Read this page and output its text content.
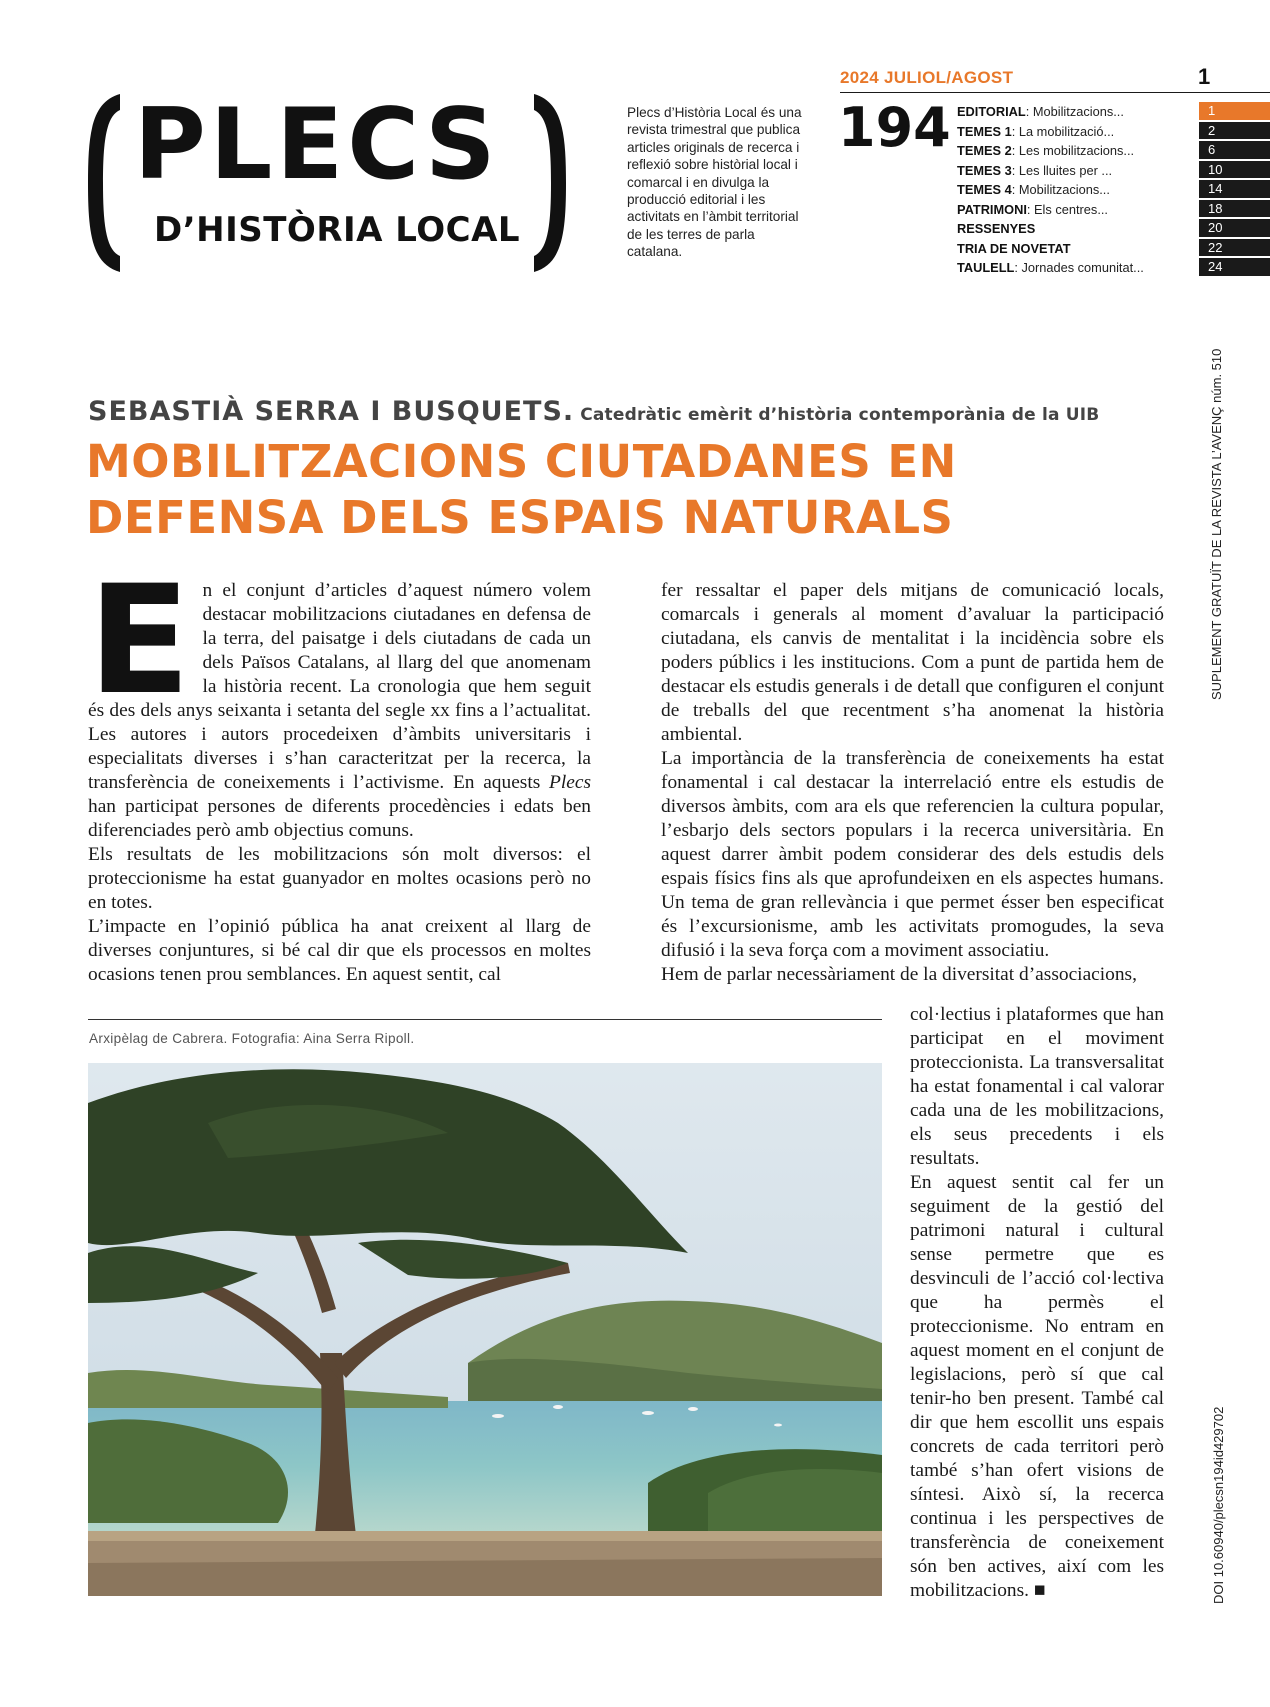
PLECS
D’HISTÒRIA LOCAL
Plecs d’Història Local és una revista trimestral que publica articles originals de recerca i reflexió sobre històrial local i comarcal i en divulga la producció editorial i les activitats en l’àmbit territorial de les terres de parla catalana.
2024 JULIOL/AGOST	1
194 EDITORIAL: Mobilitzacions...
TEMES 1: La mobilització...
TEMES 2: Les mobilitzacions...
TEMES 3: Les lluites per ...
TEMES 4: Mobilitzacions...
PATRIMONI: Els centres...
RESSENYES
TRIA DE NOVETAT
TAULELL: Jornades comunitat...
1
2
6
10
14
18
20
22
24
SUPLEMENT GRATUÏT DE LA REVISTA L’AVENÇ núm. 510
DOI 10.60940/plecsn194id429702
SEBASTIÀ SERRA I BUSQUETS. Catedràtic emèrit d’història contemporània de la UIB
MOBILITZACIONS CIUTADANES EN DEFENSA DELS ESPAIS NATURALS

En el conjunt d’articles d’aquest número volem destacar mobilitzacions ciutadanes en defensa de la terra, del paisatge i dels ciutadans de cada un dels Països Catalans, al llarg del que anomenam la història recent. La cronologia que hem seguit és des dels anys seixanta i setanta del segle xx fins a l’actualitat. Les autores i autors procedeixen d’àmbits universitaris i especialitats diverses i s’han caracteritzat per la recerca, la transferència de coneixements i l’activisme. En aquests Plecs han participat persones de diferents procedències i edats ben diferenciades però amb objectius comuns.

Els resultats de les mobilitzacions són molt diversos: el proteccionisme ha estat guanyador en moltes ocasions però no en totes.

L’impacte en l’opinió pública ha anat creixent al llarg de diverses conjuntures, si bé cal dir que els processos en moltes ocasions tenen prou semblances. En aquest sentit, cal

fer ressaltar el paper dels mitjans de comunicació locals, comarcals i generals al moment d’avaluar la participació ciutadana, els canvis de mentalitat i la incidència sobre els poders públics i les institucions. Com a punt de partida hem de destacar els estudis generals i de detall que configuren el conjunt de treballs del que recentment s’ha anomenat la història ambiental.

La importància de la transferència de coneixements ha estat fonamental i cal destacar la interrelació entre els estudis de diversos àmbits, com ara els que referencien la cultura popular, l’esbarjo dels sectors populars i la recerca universitària. En aquest darrer àmbit podem considerar des dels estudis dels espais físics fins als que aprofundeixen en els aspectes humans. Un tema de gran rellevància i que permet ésser ben especificat és l’excursionisme, amb les activitats promogudes, la seva difusió i la seva força com a moviment associatiu.

Hem de parlar necessàriament de la diversitat d’associacions,

col·lectius i plataformes que han participat en el moviment proteccionista. La transversalitat ha estat fonamental i cal valorar cada una de les mobilitzacions, els seus precedents i els resultats.

En aquest sentit cal fer un seguiment de la gestió del patrimoni natural i cultural sense permetre que es desvinculi de l’acció col·lectiva que ha permès el proteccionisme. No entram en aquest moment en el conjunt de legislacions, però sí que cal tenir-ho ben present. També cal dir que hem escollit uns espais concrets de cada territori però també s’han ofert visions de síntesi. Això sí, la recerca continua i les perspectives de transferència de coneixement són ben actives, així com les mobilitzacions. ■

Arxipèlag de Cabrera. Fotografia: Aina Serra Ripoll.
